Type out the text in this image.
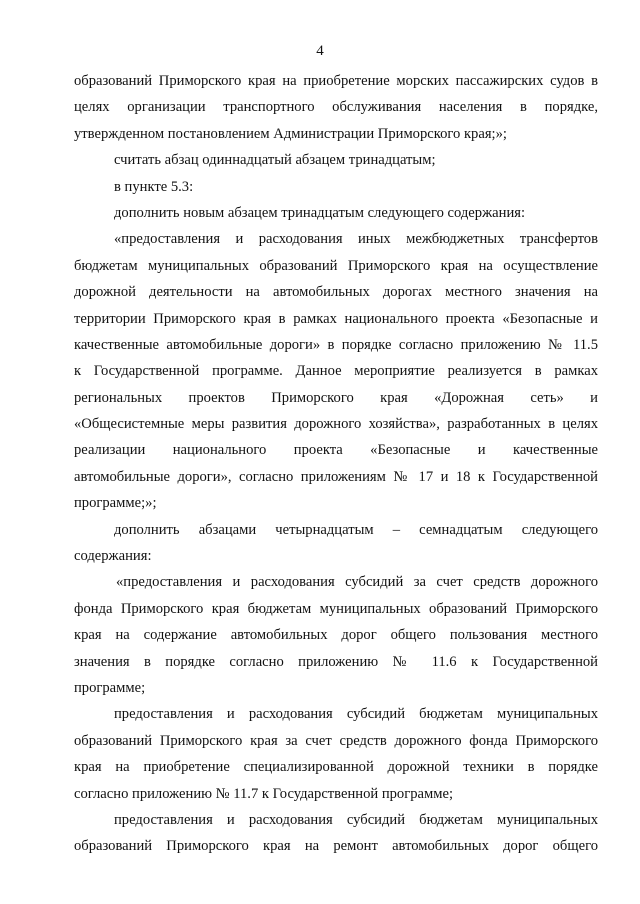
4
образований Приморского края на приобретение морских пассажирских судов в
целях организации транспортного обслуживания населения в порядке,
утвержденном постановлением Администрации Приморского края;»;
считать абзац одиннадцатый абзацем тринадцатым;
в пункте 5.3:
дополнить новым абзацем тринадцатым следующего содержания:
«предоставления и расходования иных межбюджетных трансфертов
бюджетам муниципальных образований Приморского края на осуществление
дорожной деятельности на автомобильных дорогах местного значения на
территории Приморского края в рамках национального проекта «Безопасные и
качественные автомобильные дороги» в порядке согласно приложению № 11.5
к Государственной программе. Данное мероприятие реализуется в рамках
региональных проектов Приморского края «Дорожная сеть» и
«Общесистемные меры развития дорожного хозяйства», разработанных в целях
реализации национального проекта «Безопасные и качественные
автомобильные дороги», согласно приложениям № 17 и 18 к Государственной
программе;»;
дополнить абзацами четырнадцатым – семнадцатым следующего
содержания:
«предоставления и расходования субсидий за счет средств дорожного
фонда Приморского края бюджетам муниципальных образований Приморского
края на содержание автомобильных дорог общего пользования местного
значения в порядке согласно приложению № 11.6 к Государственной
программе;
предоставления и расходования субсидий бюджетам муниципальных
образований Приморского края за счет средств дорожного фонда Приморского
края на приобретение специализированной дорожной техники в порядке
согласно приложению № 11.7 к Государственной программе;
предоставления и расходования субсидий бюджетам муниципальных
образований Приморского края на ремонт автомобильных дорог общего
